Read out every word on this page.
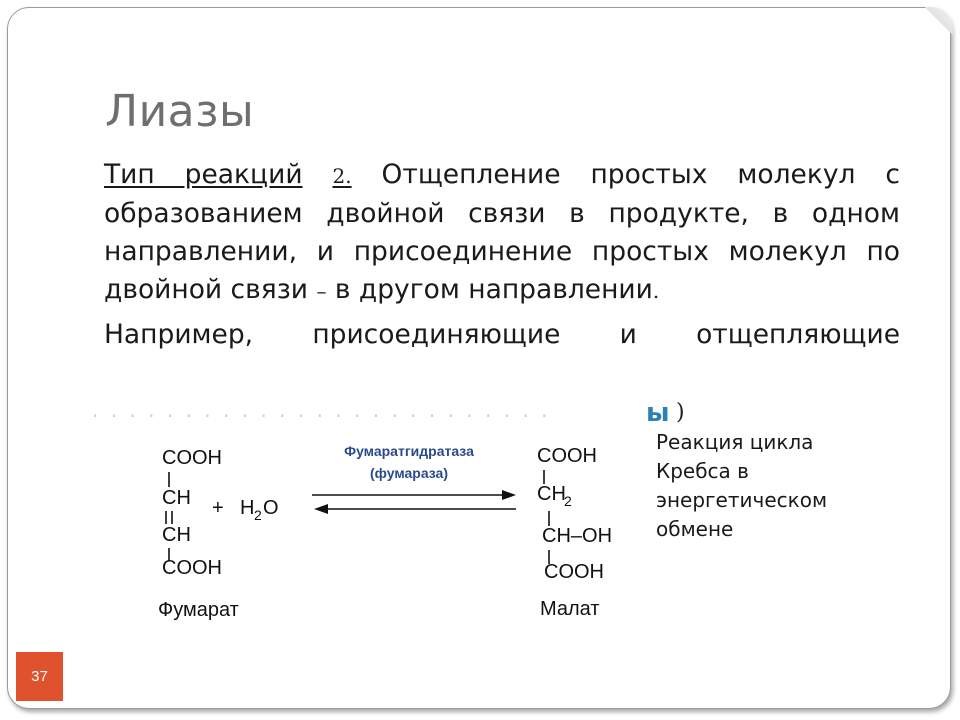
Лиазы

Тип реакций 2. Отщепление простых молекул с образованием двойной связи в продукте, в одном направлении, и присоединение простых молекул по двойной связи – в другом направлении.

Например, присоединяющие и отщепляющие

· · · · · · · · · · · · · · · · · · · · · · · · ·	ы )
COOH
CH
CH
COOH
Фумарат
+ H 2 O
Фумаратгидратаза
(фумараза)
COOH
CH
2
CH–OH
COOH
Малат
Реакция цикла
Кребса в
энергетическом
обмене
37
